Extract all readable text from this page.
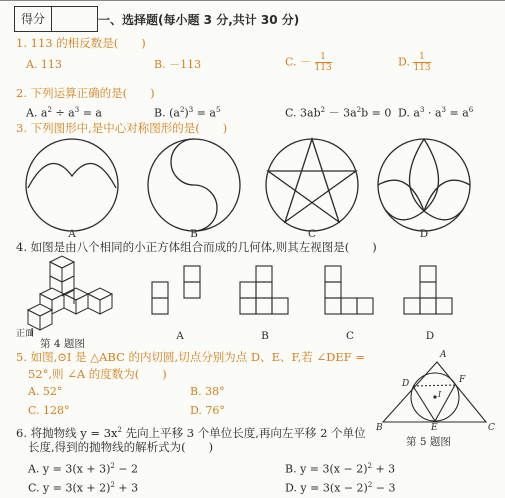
得分	一、选择题(每小题 3 分,共计 30 分)
1. 113 的相反数是(　　)
A. 113	B. －113	C. － $\frac{1}{113}$	D. $\frac{1}{113}$
2. 下列运算正确的是(　　)
A. $a^2 \div a^3 = a$	B. $(a^2)^3 = a^5$	C. $3ab^2 - 3a^2b = 0$ D. $a^3 \cdot a^3 = a^6$
3. 下列图形中,是中心对称图形的是(　　)
A	B	C	D
4. 如图是由八个相同的小正方体组合而成的几何体,则其左视图是(　　)
正面
第 4 题图
A	B	C	D
5. 如图,⊙I 是 △ABC 的内切圆,切点分别为点 D、E、F,若 ∠DEF =
52°,则 ∠A 的度数为(　　)
A. 52°	B. 38°
C. 128°	D. 76°
A
D	F
I
B	E	C
第 5 题图
6. 将抛物线 $y = 3x^2$ 先向上平移 3 个单位长度,再向左平移 2 个单位
长度,得到的抛物线的解析式为(　　)
A. $y = 3(x + 3)^2 - 2$	B. $y = 3(x - 2)^2 + 3$
C. $y = 3(x + 2)^2 + 3$	D. $y = 3(x - 2)^2 - 3$
